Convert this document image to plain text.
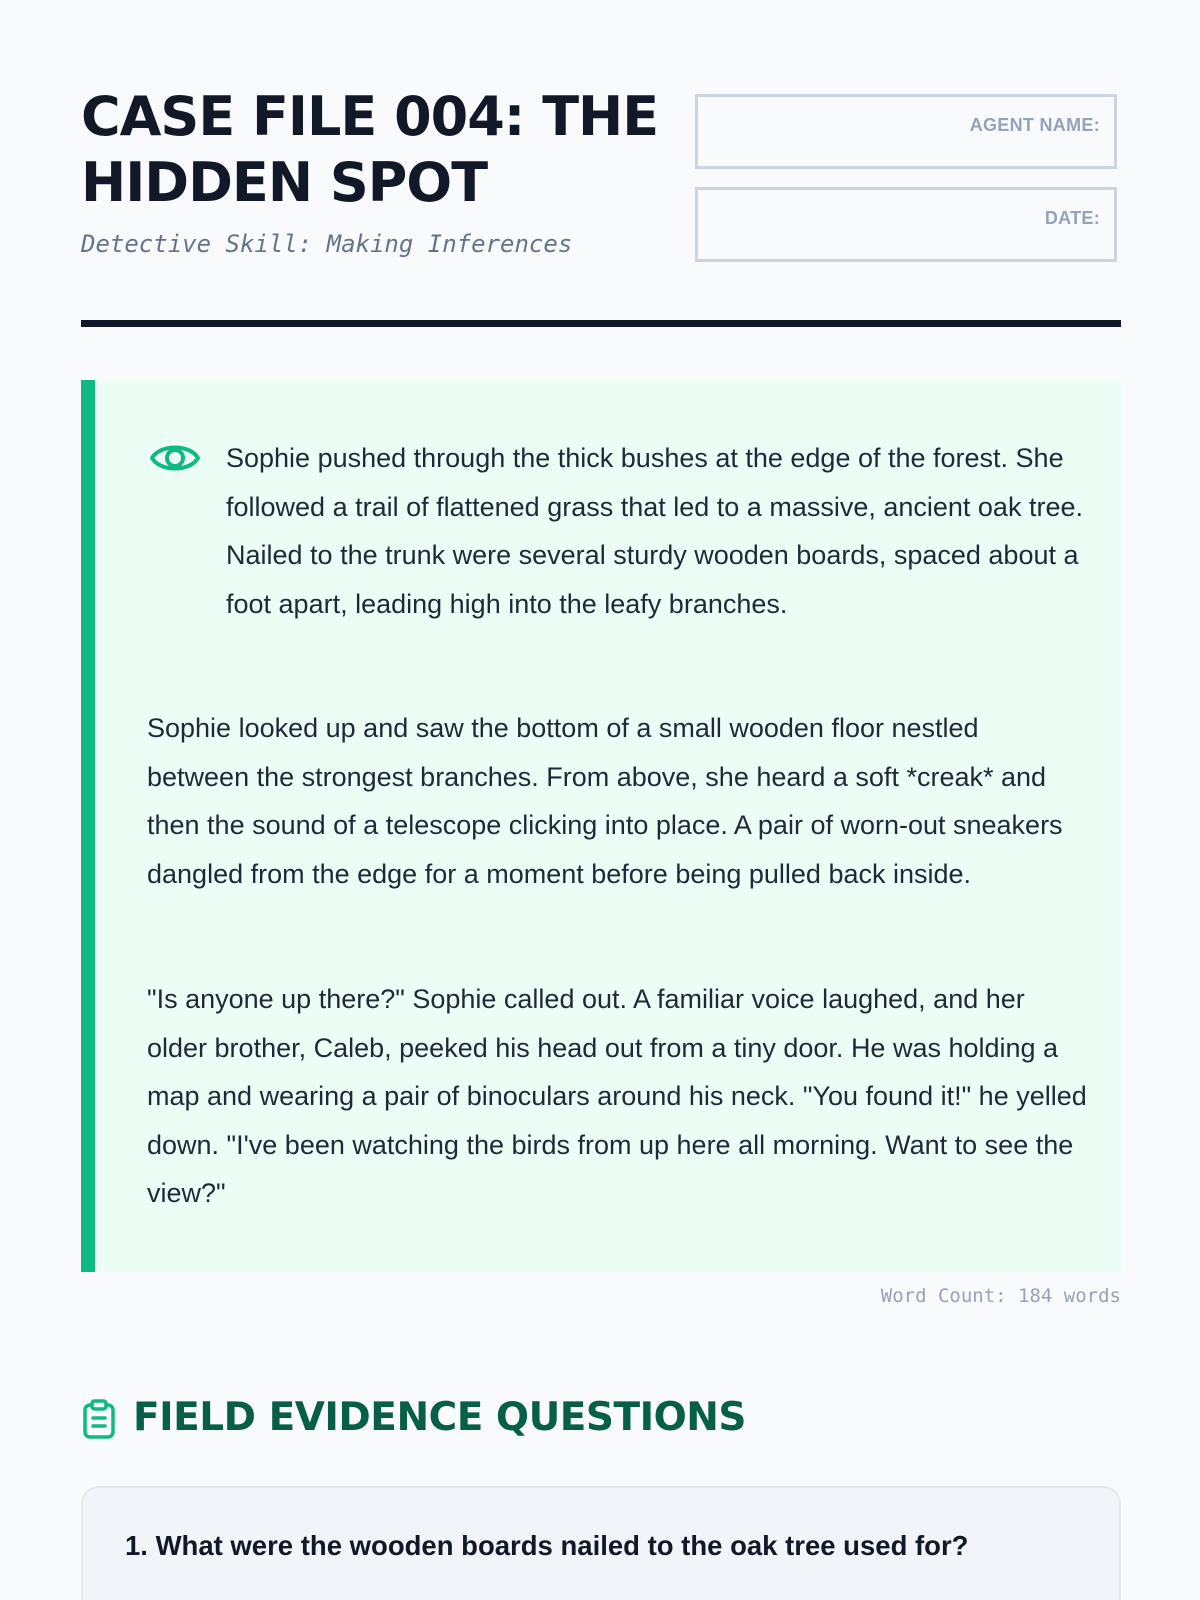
CASE FILE 004: THE HIDDEN SPOT
Detective Skill: Making Inferences
AGENT NAME:
DATE:

Sophie pushed through the thick bushes at the edge of the forest. She followed a trail of flattened grass that led to a massive, ancient oak tree. Nailed to the trunk were several sturdy wooden boards, spaced about a foot apart, leading high into the leafy branches.

Sophie looked up and saw the bottom of a small wooden floor nestled between the strongest branches. From above, she heard a soft *creak* and then the sound of a telescope clicking into place. A pair of worn-out sneakers dangled from the edge for a moment before being pulled back inside.

"Is anyone up there?" Sophie called out. A familiar voice laughed, and her older brother, Caleb, peeked his head out from a tiny door. He was holding a map and wearing a pair of binoculars around his neck. "You found it!" he yelled down. "I've been watching the birds from up here all morning. Want to see the view?"

Word Count: 184 words
FIELD EVIDENCE QUESTIONS

1. What were the wooden boards nailed to the oak tree used for?
